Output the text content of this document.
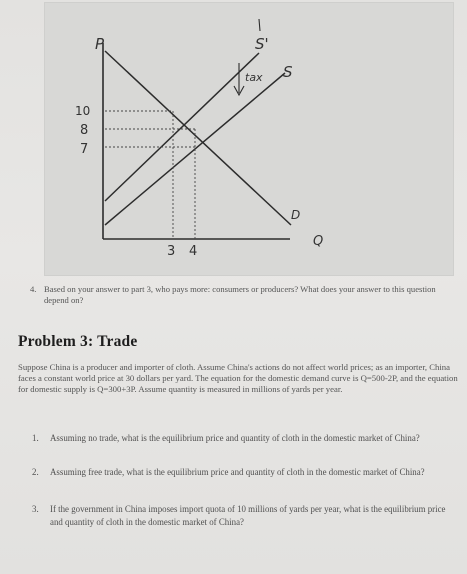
P
Q
S'
S
tax
D
10
8
7
3 4
4. Based on your answer to part 3, who pays more: consumers or producers? What does your answer to this question depend on?
Problem 3: Trade
Suppose China is a producer and importer of cloth. Assume China's actions do not affect world prices; as an importer, China faces a constant world price at 30 dollars per yard. The equation for the domestic demand curve is Q=500-2P, and the equation for domestic supply is Q=300+3P. Assume quantity is measured in millions of yards per year.
1. Assuming no trade, what is the equilibrium price and quantity of cloth in the domestic market of China?
2. Assuming free trade, what is the equilibrium price and quantity of cloth in the domestic market of China?
3. If the government in China imposes import quota of 10 millions of yards per year, what is the equilibrium price and quantity of cloth in the domestic market of China?
